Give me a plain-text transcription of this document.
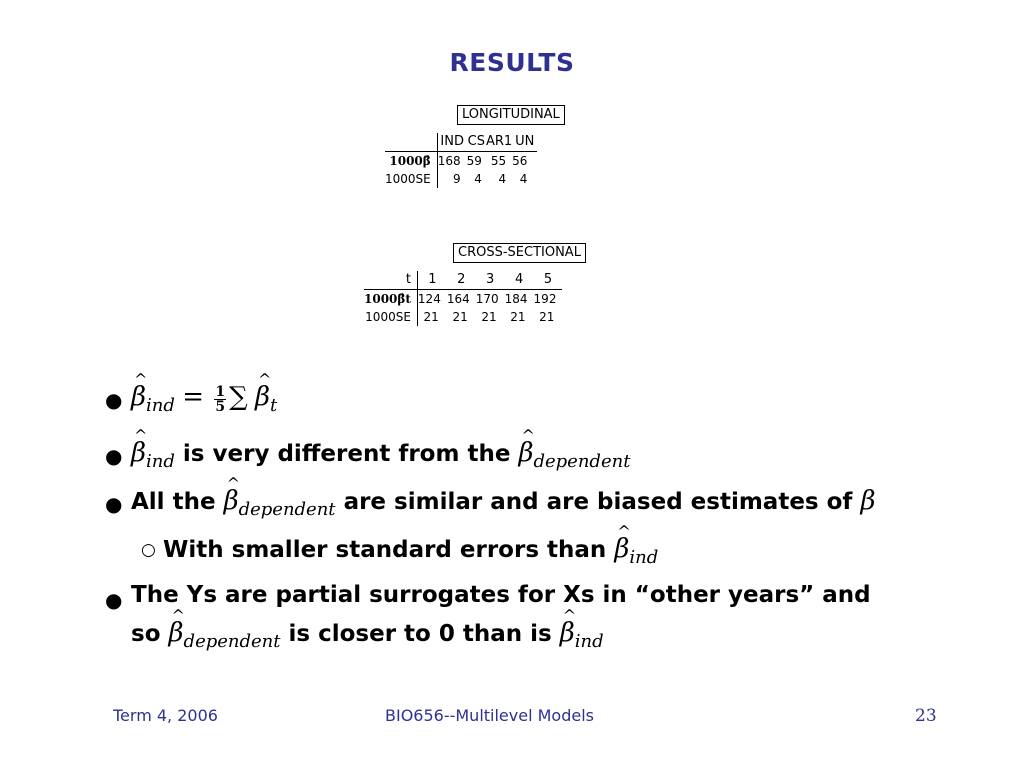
RESULTS
LONGITUDINAL
	IND	CS	AR1	UN
1000β̂	168	59	55	56
1000SE	9	4	4	4
CROSS-SECTIONAL
t	1	2	3	4	5
1000β̂t	124	164	170	184	192
1000SE	21	21	21	21	21
● ^ $\beta_{ind} = \frac{1}{5}$ ∑ ^ $\beta_t$
● ^ $\beta_{ind}$ is very different from the ^ $\beta_{dependent}$
● All the ^ $\beta_{dependent}$ are similar and are biased estimates of β
○ With smaller standard errors than ^ $\beta_{ind}$
● The Ys are partial surrogates for Xs in “other years” and
so ^ $\beta_{dependent}$ is closer to 0 than is ^ $\beta_{ind}$
Term 4, 2006	BIO656--Multilevel Models	23
